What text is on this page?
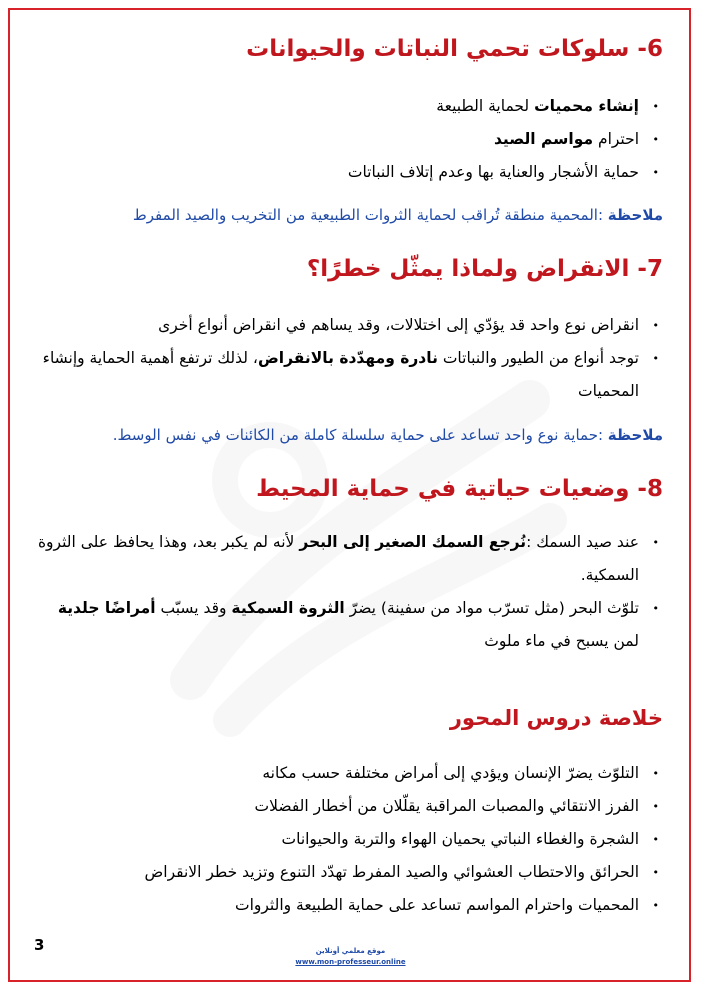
6- سلوكات تحمي النباتات والحيوانات
• إنشاء محميات لحماية الطبيعة
• احترام مواسم الصيد
• حماية الأشجار والعناية بها وعدم إتلاف النباتات
ملاحظة :المحمية منطقة تُراقب لحماية الثروات الطبيعية من التخريب والصيد المفرط
7- الانقراض ولماذا يمثّل خطرًا؟
• انقراض نوع واحد قد يؤدّي إلى اختلالات، وقد يساهم في انقراض أنواع أخرى
• توجد أنواع من الطيور والنباتات نادرة ومهدّدة بالانقراض، لذلك ترتفع أهمية الحماية وإنشاء المحميات
ملاحظة :حماية نوع واحد تساعد على حماية سلسلة كاملة من الكائنات في نفس الوسط.
8- وضعيات حياتية في حماية المحيط
• عند صيد السمك :نُرجع السمك الصغير إلى البحر لأنه لم يكبر بعد، وهذا يحافظ على الثروة السمكية.
• تلوّث البحر (مثل تسرّب مواد من سفينة) يضرّ الثروة السمكية وقد يسبّب أمراضًا جلدية لمن يسبح في ماء ملوث
خلاصة دروس المحور
• التلوّث يضرّ الإنسان ويؤدي إلى أمراض مختلفة حسب مكانه
• الفرز الانتقائي والمصبات المراقبة يقلّلان من أخطار الفضلات
• الشجرة والغطاء النباتي يحميان الهواء والتربة والحيوانات
• الحرائق والاحتطاب العشوائي والصيد المفرط تهدّد التنوع وتزيد خطر الانقراض
• المحميات واحترام المواسم تساعد على حماية الطبيعة والثروات
3	موقع معلمي أونلاين
www.mon-professeur.online
